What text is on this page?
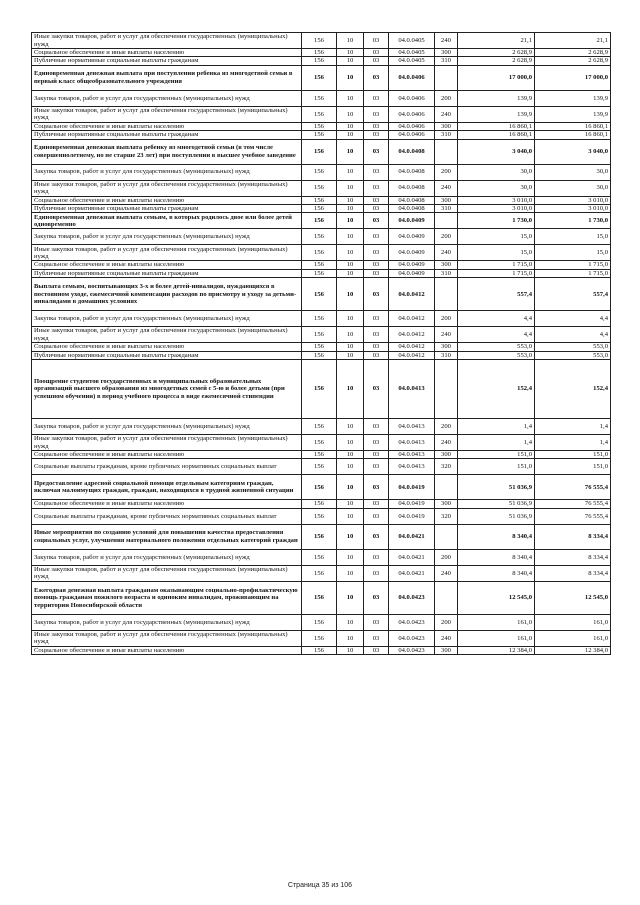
Иные закупки товаров, работ и услуг для обеспечения государственных (муниципальных) нужд	156	10	03	04.0.0405	240	21,1	21,1
Социальное обеспечение и иные выплаты населению	156	10	03	04.0.0405	300	2 628,9	2 628,9
Публичные нормативные социальные выплаты гражданам	156	10	03	04.0.0405	310	2 628,9	2 628,9
Единовременная денежная выплата при поступлении ребенка из многодетной семьи в первый класс общеобразовательного учреждения	156	10	03	04.0.0406		17 000,0	17 000,0
Закупка товаров, работ и услуг для государственных (муниципальных) нужд	156	10	03	04.0.0406	200	139,9	139,9
Иные закупки товаров, работ и услуг для обеспечения государственных (муниципальных) нужд	156	10	03	04.0.0406	240	139,9	139,9
Социальное обеспечение и иные выплаты населению	156	10	03	04.0.0406	300	16 860,1	16 860,1
Публичные нормативные социальные выплаты гражданам	156	10	03	04.0.0406	310	16 860,1	16 860,1
Единовременная денежная выплата ребенку из многодетной семьи (в том числе совершеннолетнему, но не старше 23 лет) при поступлении в высшее учебное заведение	156	10	03	04.0.0408		3 040,0	3 040,0
Закупка товаров, работ и услуг для государственных (муниципальных) нужд	156	10	03	04.0.0408	200	30,0	30,0
Иные закупки товаров, работ и услуг для обеспечения государственных (муниципальных) нужд	156	10	03	04.0.0408	240	30,0	30,0
Социальное обеспечение и иные выплаты населению	156	10	03	04.0.0408	300	3 010,0	3 010,0
Публичные нормативные социальные выплаты гражданам	156	10	03	04.0.0408	310	3 010,0	3 010,0
Единовременная денежная выплата семьям, в которых родилось двое или более детей одновременно	156	10	03	04.0.0409		1 730,0	1 730,0
Закупка товаров, работ и услуг для государственных (муниципальных) нужд	156	10	03	04.0.0409	200	15,0	15,0
Иные закупки товаров, работ и услуг для обеспечения государственных (муниципальных) нужд	156	10	03	04.0.0409	240	15,0	15,0
Социальное обеспечение и иные выплаты населению	156	10	03	04.0.0409	300	1 715,0	1 715,0
Публичные нормативные социальные выплаты гражданам	156	10	03	04.0.0409	310	1 715,0	1 715,0
Выплата семьям, воспитывающих 3-х и более детей-инвалидов, нуждающихся в постоянном уходе, ежемесячной компенсации расходов по присмотру и уходу за детьми-инвалидами в домашних условиях	156	10	03	04.0.0412		557,4	557,4
Закупка товаров, работ и услуг для государственных (муниципальных) нужд	156	10	03	04.0.0412	200	4,4	4,4
Иные закупки товаров, работ и услуг для обеспечения государственных (муниципальных) нужд	156	10	03	04.0.0412	240	4,4	4,4
Социальное обеспечение и иные выплаты населению	156	10	03	04.0.0412	300	553,0	553,0
Публичные нормативные социальные выплаты гражданам	156	10	03	04.0.0412	310	553,0	553,0
Поощрение студентов государственных и муниципальных образовательных организаций высшего образования из многодетных семей с 5-ю и более детьми (при успешном обучении) в период учебного процесса в виде ежемесячной стипендии	156	10	03	04.0.0413		152,4	152,4
Закупка товаров, работ и услуг для государственных (муниципальных) нужд	156	10	03	04.0.0413	200	1,4	1,4
Иные закупки товаров, работ и услуг для обеспечения государственных (муниципальных) нужд	156	10	03	04.0.0413	240	1,4	1,4
Социальное обеспечение и иные выплаты населению	156	10	03	04.0.0413	300	151,0	151,0
Социальные выплаты гражданам, кроме публичных нормативных социальных выплат	156	10	03	04.0.0413	320	151,0	151,0
Предоставление адресной социальной помощи отдельным категориям граждан, включая малоимущих граждан, граждан, находящихся в трудной жизненной ситуации	156	10	03	04.0.0419		51 036,9	76 555,4
Социальное обеспечение и иные выплаты населению	156	10	03	04.0.0419	300	51 036,9	76 555,4
Социальные выплаты гражданам, кроме публичных нормативных социальных выплат	156	10	03	04.0.0419	320	51 036,9	76 555,4
Иные мероприятия по созданию условий для повышения качества предоставления социальных услуг, улучшения материального положения отдельных категорий граждан	156	10	03	04.0.0421		8 340,4	8 334,4
Закупка товаров, работ и услуг для государственных (муниципальных) нужд	156	10	03	04.0.0421	200	8 340,4	8 334,4
Иные закупки товаров, работ и услуг для обеспечения государственных (муниципальных) нужд	156	10	03	04.0.0421	240	8 340,4	8 334,4
Ежегодная денежная выплата гражданам оказывающим социально-профилактическую помощь гражданам пожилого возраста и одиноким инвалидам, проживающим на территории Новосибирской области	156	10	03	04.0.0423		12 545,0	12 545,0
Закупка товаров, работ и услуг для государственных (муниципальных) нужд	156	10	03	04.0.0423	200	161,0	161,0
Иные закупки товаров, работ и услуг для обеспечения государственных (муниципальных) нужд	156	10	03	04.0.0423	240	161,0	161,0
Социальное обеспечение и иные выплаты населению	156	10	03	04.0.0423	300	12 384,0	12 384,0
Страница 35 из 106
